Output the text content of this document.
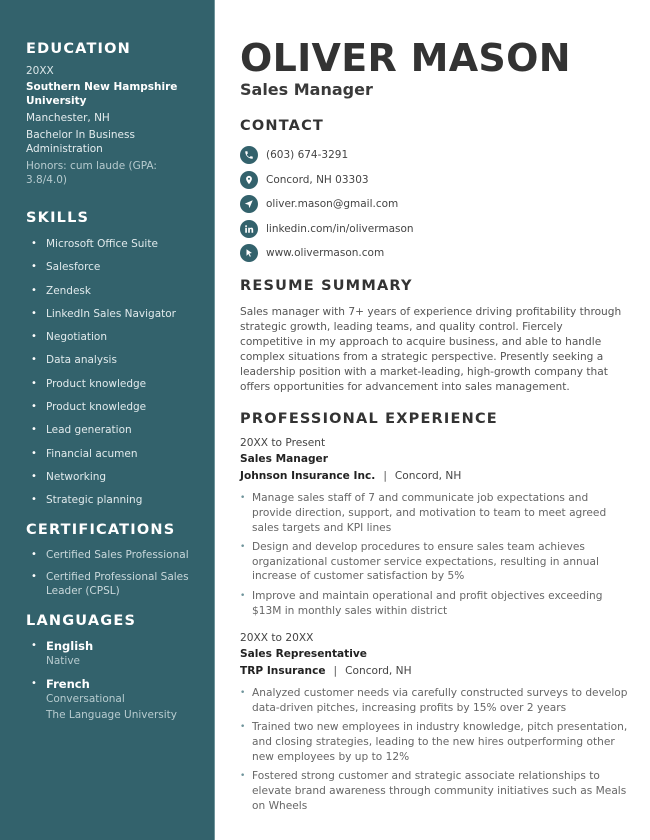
EDUCATION
20XX
Southern New Hampshire University
Manchester, NH
Bachelor In Business Administration
Honors: cum laude (GPA: 3.8/4.0)
SKILLS
• Microsoft Office Suite
• Salesforce
• Zendesk
• LinkedIn Sales Navigator
• Negotiation
• Data analysis
• Product knowledge
• Product knowledge
• Lead generation
• Financial acumen
• Networking
• Strategic planning
CERTIFICATIONS
• Certified Sales Professional
• Certified Professional Sales Leader (CPSL)
LANGUAGES
• English
Native
• French
Conversational
The Language University
OLIVER MASON
Sales Manager
CONTACT
(603) 674-3291
Concord, NH 03303
oliver.mason@gmail.com
linkedin.com/in/olivermason
www.olivermason.com
RESUME SUMMARY

Sales manager with 7+ years of experience driving profitability through strategic growth, leading teams, and quality control. Fiercely competitive in my approach to acquire business, and able to handle complex situations from a strategic perspective. Presently seeking a leadership position with a market-leading, high-growth company that offers opportunities for advancement into sales management.

PROFESSIONAL EXPERIENCE
20XX to Present
Sales Manager
Johnson Insurance Inc. | Concord, NH
• Manage sales staff of 7 and communicate job expectations and provide direction, support, and motivation to team to meet agreed sales targets and KPI lines
• Design and develop procedures to ensure sales team achieves organizational customer service expectations, resulting in annual increase of customer satisfaction by 5%
• Improve and maintain operational and profit objectives exceeding $13M in monthly sales within district
20XX to 20XX
Sales Representative
TRP Insurance | Concord, NH
• Analyzed customer needs via carefully constructed surveys to develop data-driven pitches, increasing profits by 15% over 2 years
• Trained two new employees in industry knowledge, pitch presentation, and closing strategies, leading to the new hires outperforming other new employees by up to 12%
• Fostered strong customer and strategic associate relationships to elevate brand awareness through community initiatives such as Meals on Wheels
